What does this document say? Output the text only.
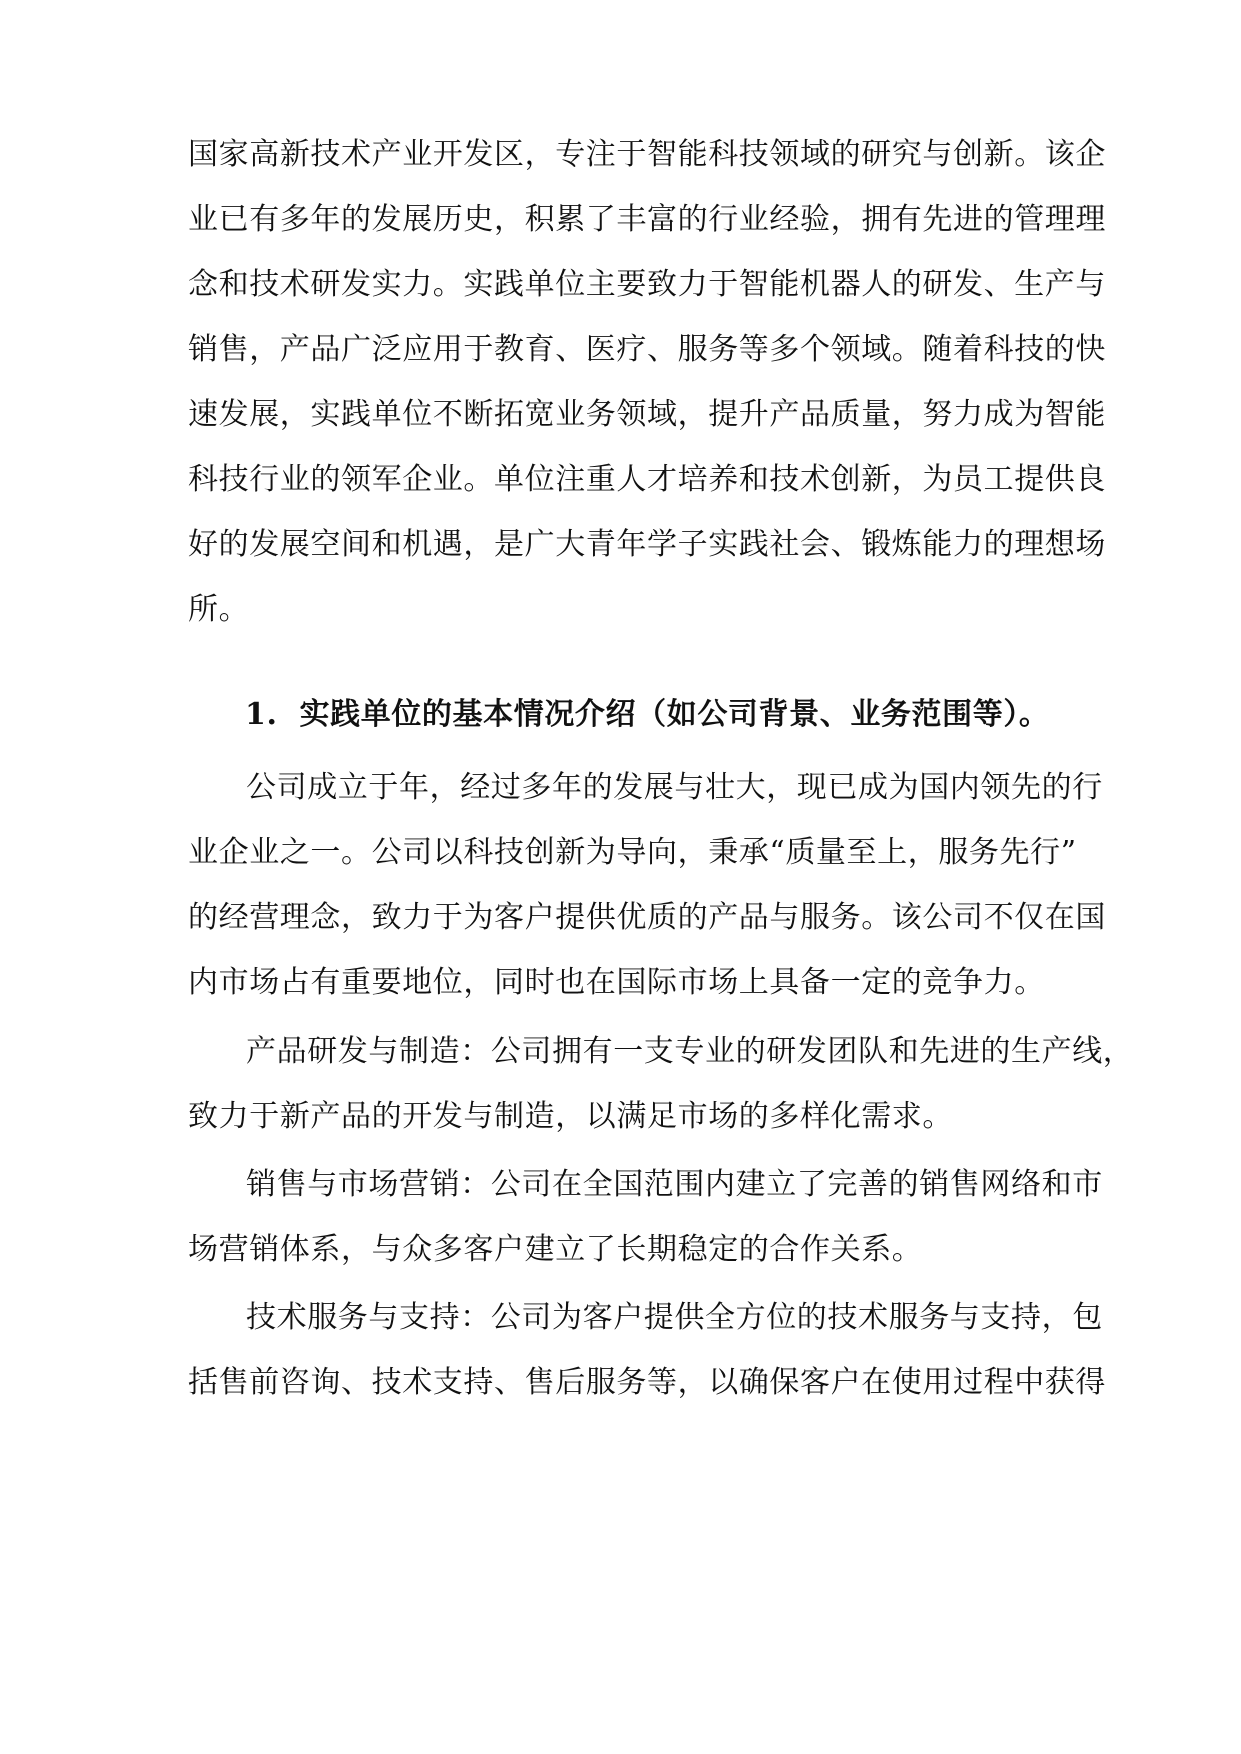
国家高新技术产业开发区，专注于智能科技领域的研究与创新。该企
业已有多年的发展历史，积累了丰富的行业经验，拥有先进的管理理
念和技术研发实力。实践单位主要致力于智能机器人的研发、生产与
销售，产品广泛应用于教育、医疗、服务等多个领域。随着科技的快
速发展，实践单位不断拓宽业务领域，提升产品质量，努力成为智能
科技行业的领军企业。单位注重人才培养和技术创新，为员工提供良
好的发展空间和机遇，是广大青年学子实践社会、锻炼能力的理想场
所。
1. 实践单位的基本情况介绍（如公司背景、业务范围等）。
公司成立于年，经过多年的发展与壮大，现已成为国内领先的行
业企业之一。公司以科技创新为导向，秉承“质量至上，服务先行”
的经营理念，致力于为客户提供优质的产品与服务。该公司不仅在国
内市场占有重要地位，同时也在国际市场上具备一定的竞争力。
产品研发与制造：公司拥有一支专业的研发团队和先进的生产线，
致力于新产品的开发与制造，以满足市场的多样化需求。
销售与市场营销：公司在全国范围内建立了完善的销售网络和市
场营销体系，与众多客户建立了长期稳定的合作关系。
技术服务与支持：公司为客户提供全方位的技术服务与支持，包
括售前咨询、技术支持、售后服务等，以确保客户在使用过程中获得
